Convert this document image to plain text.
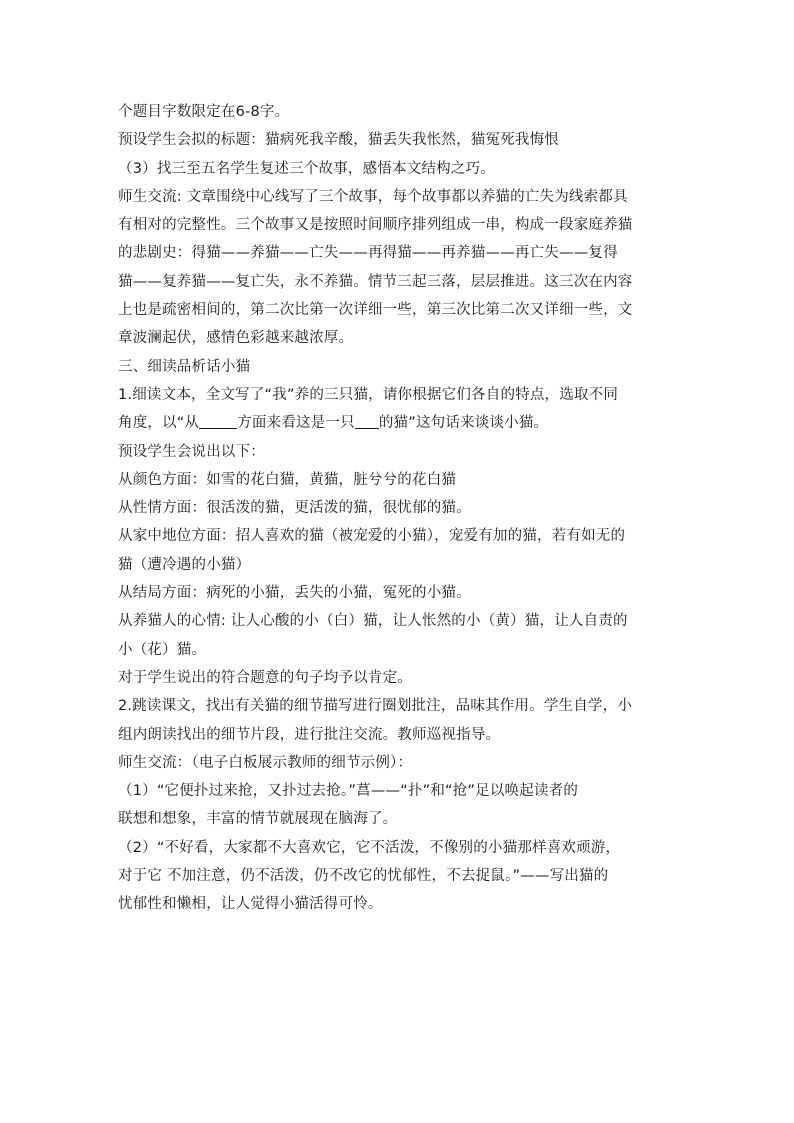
个题目字数限定在6-8字。
预设学生会拟的标题：猫病死我辛酸，猫丢失我怅然，猫冤死我悔恨
（3）找三至五名学生复述三个故事，感悟本文结构之巧。
师生交流: 文章围绕中心线写了三个故事，每个故事都以养猫的亡失为线索都具
有相对的完整性。三个故事又是按照时间顺序排列组成一串，构成一段家庭养猫
的悲剧史：得猫——养猫——亡失——再得猫——再养猫——再亡失——复得
猫——复养猫——复亡失，永不养猫。情节三起三落，层层推进。这三次在内容
上也是疏密相间的，第二次比第一次详细一些，第三次比第二次又详细一些，文
章波澜起伏，感情色彩越来越浓厚。
三、细读品析话小猫
1.细读文本，全文写了“我”养的三只猫，请你根据它们各自的特点，选取不同
角度，以“从	方面来看这是一只 的猫”这句话来谈谈小猫。
预设学生会说出以下：
从颜色方面：如雪的花白猫，黄猫，脏兮兮的花白猫
从性情方面：很活泼的猫，更活泼的猫，很忧郁的猫。
从家中地位方面：招人喜欢的猫（被宠爱的小猫），宠爱有加的猫，若有如无的
猫（遭冷遇的小猫）
从结局方面：病死的小猫，丢失的小猫，冤死的小猫。
从养猫人的心情: 让人心酸的小（白）猫，让人怅然的小（黄）猫，让人自责的
小（花）猫。
对于学生说出的符合题意的句子均予以肯定。
2.跳读课文，找出有关猫的细节描写进行圈划批注，品味其作用。学生自学，小
组内朗读找出的细节片段，进行批注交流。教师巡视指导。
师生交流：（电子白板展示教师的细节示例）：
（1）“它便扑过来抢，又扑过去抢。”菖——“扑”和“抢”足以唤起读者的
联想和想象，丰富的情节就展现在脑海了。
（2）“不好看，大家都不大喜欢它，它不活泼，不像别的小猫那样喜欢顽游，
对于它 不加注意，仍不活泼，仍不改它的忧郁性，不去捉鼠。”——写出猫的
忧郁性和懒相，让人觉得小猫活得可怜。
